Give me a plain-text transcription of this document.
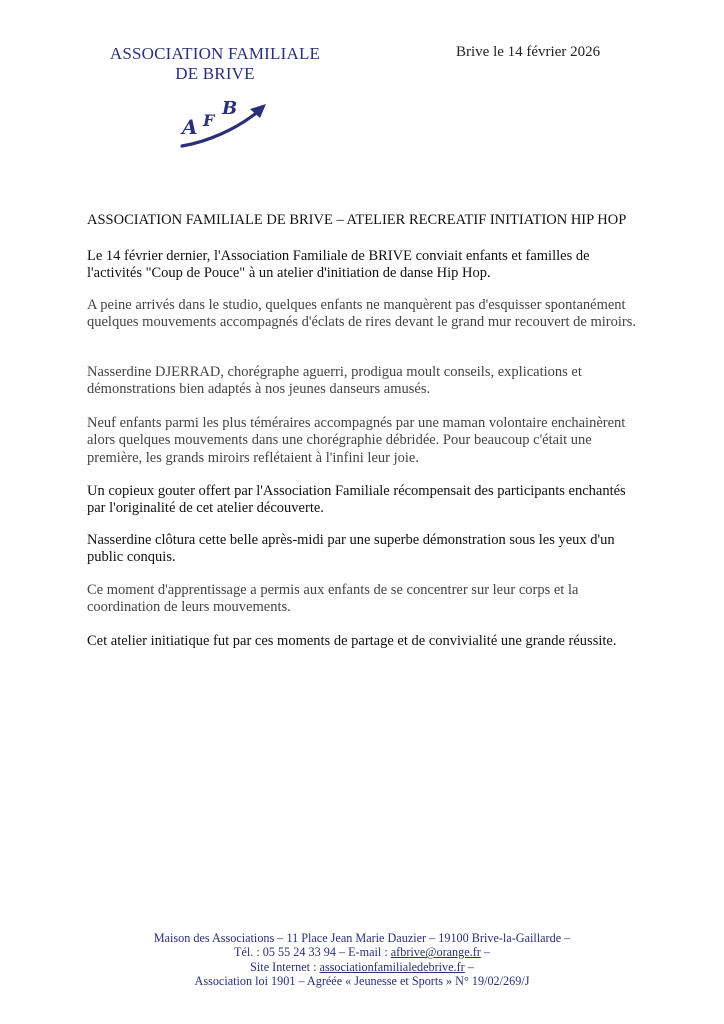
ASSOCIATION FAMILIALE
DE BRIVE
Brive le 14 février 2026
A F
B
ASSOCIATION FAMILIALE DE BRIVE – ATELIER RECREATIF INITIATION HIP HOP
Le 14 février dernier, l'Association Familiale de BRIVE conviait enfants et familles de l'activités "Coup de Pouce" à un atelier d'initiation de danse Hip Hop.
A peine arrivés dans le studio, quelques enfants ne manquèrent pas d'esquisser spontanément quelques mouvements accompagnés d'éclats de rires devant le grand mur recouvert de miroirs.
Nasserdine DJERRAD, chorégraphe aguerri, prodigua moult conseils, explications et démonstrations bien adaptés à nos jeunes danseurs amusés.
Neuf enfants parmi les plus téméraires accompagnés par une maman volontaire enchainèrent alors quelques mouvements dans une chorégraphie débridée. Pour beaucoup c'était une première, les grands miroirs reflétaient à l'infini leur joie.
Un copieux gouter offert par l'Association Familiale récompensait des participants enchantés par l'originalité de cet atelier découverte.
Nasserdine clôtura cette belle après-midi par une superbe démonstration sous les yeux d'un public conquis.
Ce moment d'apprentissage a permis aux enfants de se concentrer sur leur corps et la coordination de leurs mouvements.
Cet atelier initiatique fut par ces moments de partage et de convivialité une grande réussite.
Maison des Associations – 11 Place Jean Marie Dauzier – 19100 Brive-la-Gaillarde –
Tél. : 05 55 24 33 94 – E-mail : afbrive@orange.fr –
Site Internet : associationfamilialedebrive.fr –
Association loi 1901 – Agréée « Jeunesse et Sports » N° 19/02/269/J
